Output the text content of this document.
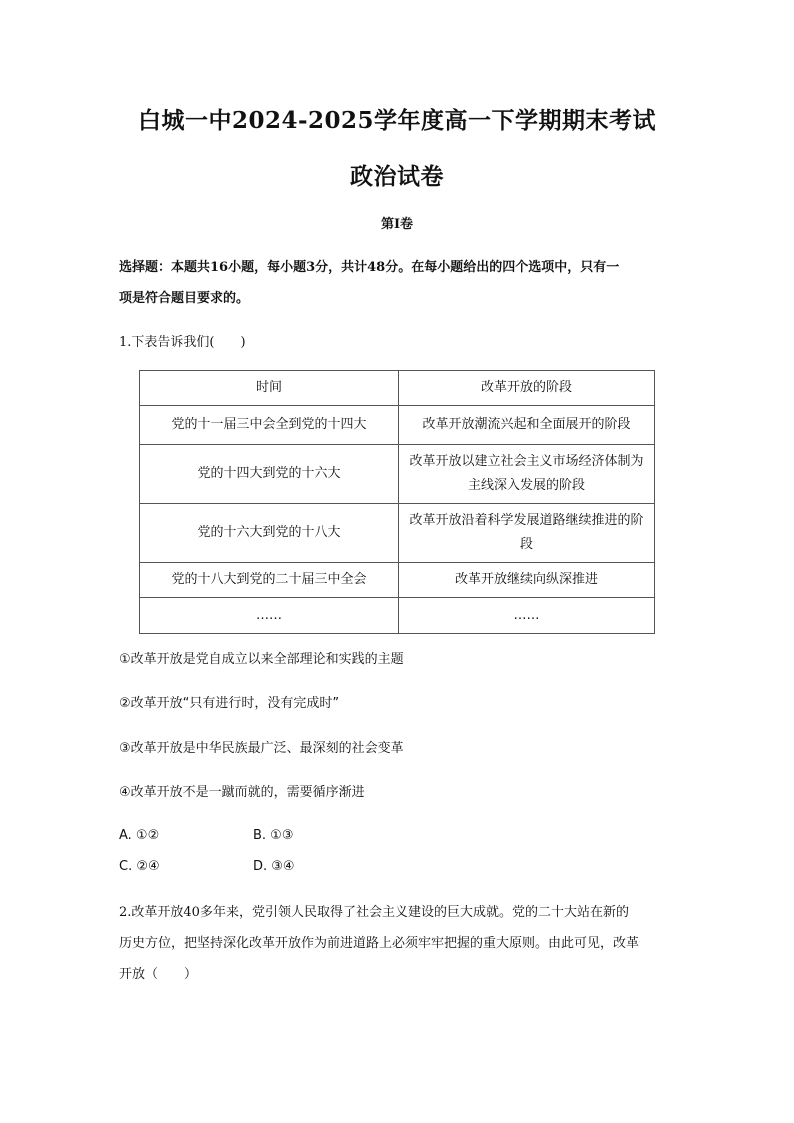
白城一中2024-2025学年度高一下学期期末考试
政治试卷
第Ⅰ卷
选择题：本题共16小题，每小题3分，共计48分。在每小题给出的四个选项中，只有一
项是符合题目要求的。
1.下表告诉我们(　　)
时间	改革开放的阶段
党的十一届三中会全到党的十四大	改革开放潮流兴起和全面展开的阶段
党的十四大到党的十六大	改革开放以建立社会主义市场经济体制为主线深入发展的阶段
党的十六大到党的十八大	改革开放沿着科学发展道路继续推进的阶段
党的十八大到党的二十届三中全会	改革开放继续向纵深推进
……	……
①改革开放是党自成立以来全部理论和实践的主题
②改革开放“只有进行时，没有完成时”
③改革开放是中华民族最广泛、最深刻的社会变革
④改革开放不是一蹴而就的，需要循序渐进
A. ①②	B. ①③
C. ②④	D. ③④
2.改革开放40多年来，党引领人民取得了社会主义建设的巨大成就。党的二十大站在新的
历史方位，把坚持深化改革开放作为前进道路上必须牢牢把握的重大原则。由此可见，改革
开放（　　）
